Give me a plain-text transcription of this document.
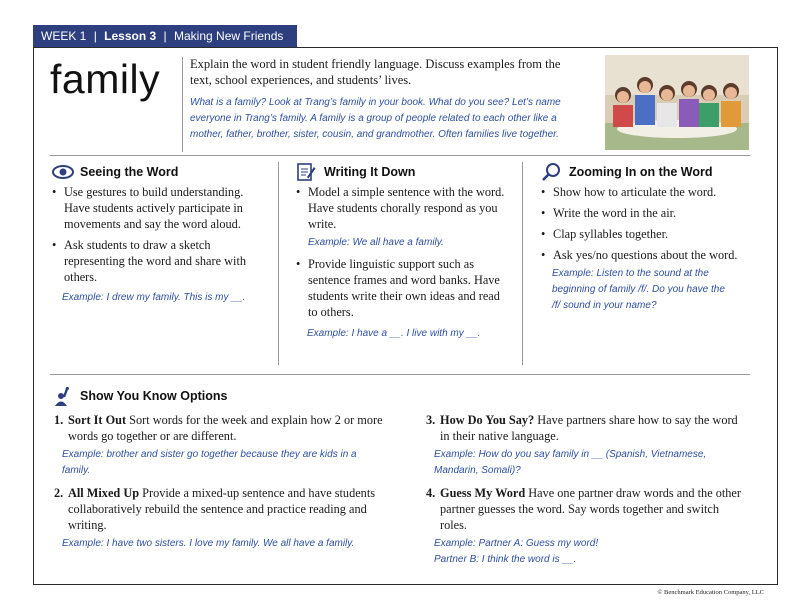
WEEK 1 | Lesson 3 | Making New Friends
family Explain the word in student friendly language. Discuss examples from the text, school experiences, and students’ lives.
What is a family? Look at Trang’s family in your book. What do you see? Let’s name everyone in Trang’s family. A family is a group of people related to each other like a mother, father, brother, sister, cousin, and grandmother. Often families live together.
Seeing the Word
• Use gestures to build understanding. Have students actively participate in movements and say the word aloud.
• Ask students to draw a sketch representing the word and share with others.
Example: I drew my family. This is my __.
Writing It Down
• Model a simple sentence with the word. Have students chorally respond as you write.
Example: We all have a family.
• Provide linguistic support such as sentence frames and word banks. Have students write their own ideas and read to others.
Example: I have a __. I live with my __.
Zooming In on the Word
• Show how to articulate the word.
• Write the word in the air.
• Clap syllables together.
• Ask yes/no questions about the word.
Example: Listen to the sound at the beginning of family /f/. Do you have the /f/ sound in your name?
Show You Know Options
1. Sort It Out Sort words for the week and explain how 2 or more words go together or are different.
Example: brother and sister go together because they are kids in a family.
2. All Mixed Up Provide a mixed-up sentence and have students collaboratively rebuild the sentence and practice reading and writing.
Example: I have two sisters. I love my family. We all have a family.
3. How Do You Say? Have partners share how to say the word in their native language.
Example: How do you say family in __ (Spanish, Vietnamese, Mandarin, Somali)?
4. Guess My Word Have one partner draw words and the other partner guesses the word. Say words together and switch roles.
Example: Partner A: Guess my word! Partner B: I think the word is __.
© Benchmark Education Company, LLC
